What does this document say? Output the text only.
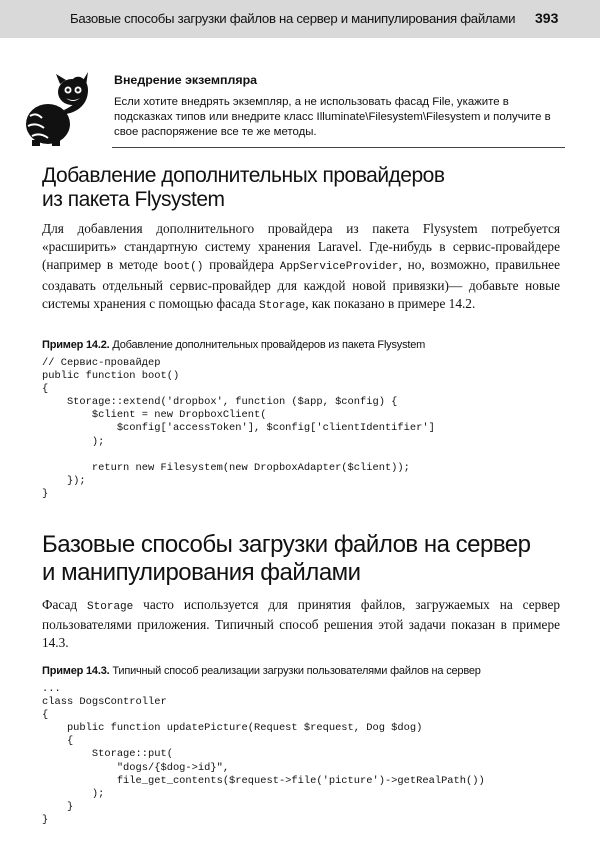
Базовые способы загрузки файлов на сервер и манипулирования файлами 393
Внедрение экземпляра
Если хотите внедрять экземпляр, а не использовать фасад File, укажите в подсказках типов или внедрите класс Illuminate\Filesystem\Filesystem и получите в свое распоряжение все те же методы.
Добавление дополнительных провайдеров
из пакета Flysystem

Для добавления дополнительного провайдера из пакета Flysystem потребуется «расширить» стандартную систему хранения Laravel. Где-нибудь в сервис-провайдере (например в методе boot() провайдера AppServiceProvider, но, возможно, правильнее создавать отдельный сервис-провайдер для каждой новой привязки)— добавьте новые системы хранения с помощью фасада Storage, как показано в примере 14.2.

Пример 14.2. Добавление дополнительных провайдеров из пакета Flysystem
// Сервис-провайдер
public function boot()
{
Storage::extend('dropbox', function ($app, $config) {
$client = new DropboxClient(
$config['accessToken'], $config['clientIdentifier']
);

return new Filesystem(new DropboxAdapter($client));
});
}
Базовые способы загрузки файлов на сервер
и манипулирования файлами

Фасад Storage часто используется для принятия файлов, загружаемых на сервер пользователями приложения. Типичный способ решения этой задачи показан в примере 14.3.

Пример 14.3. Типичный способ реализации загрузки пользователями файлов на сервер
...
class DogsController
{
public function updatePicture(Request $request, Dog $dog)
{
Storage::put(
"dogs/{$dog->id}",
file_get_contents($request->file('picture')->getRealPath())
);
}
}
